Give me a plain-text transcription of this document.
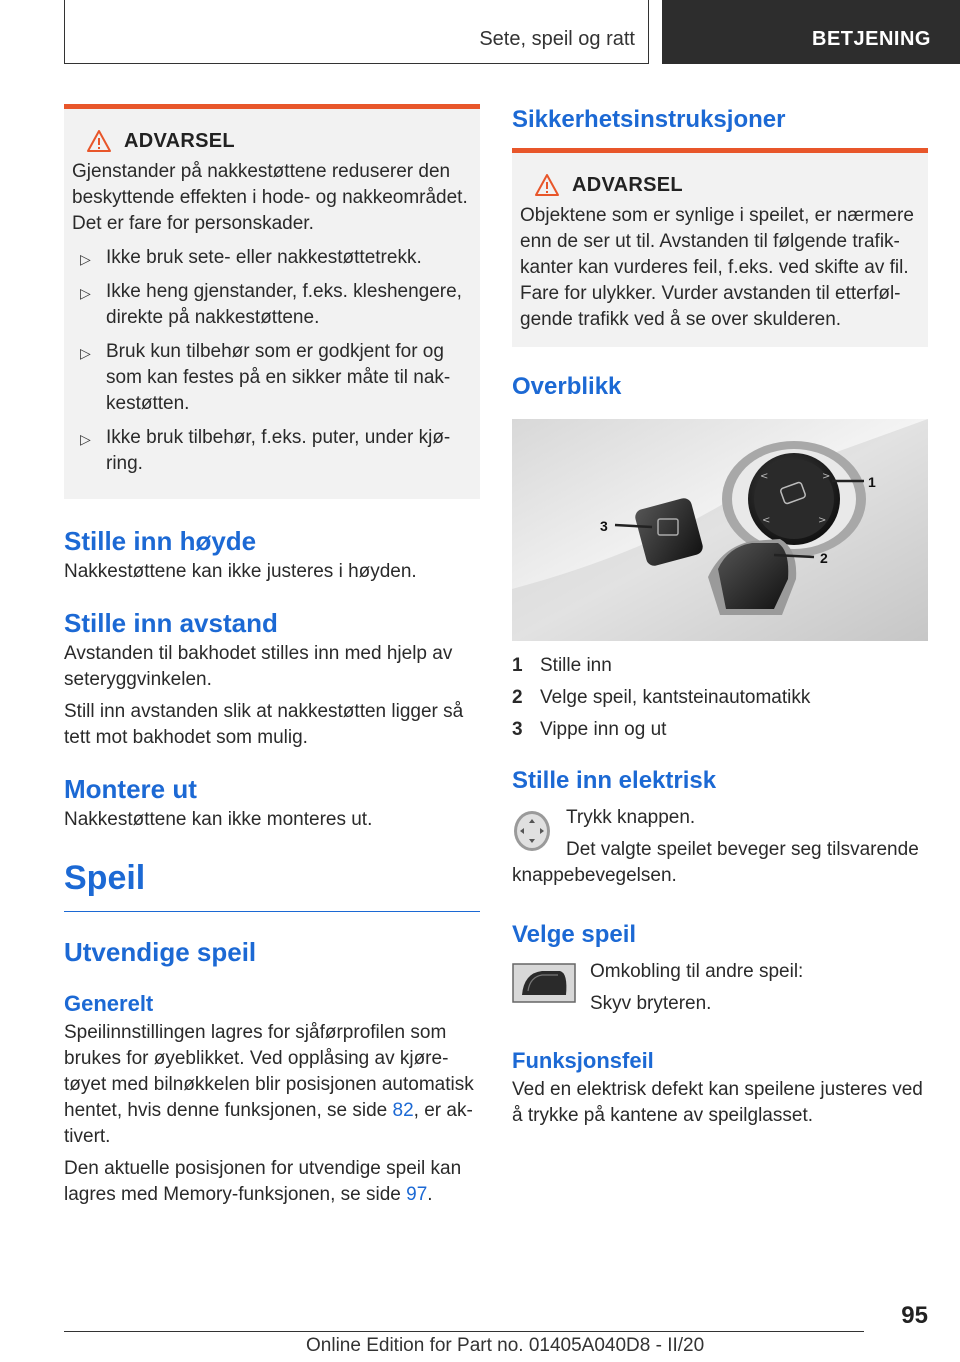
Sete, speil og ratt	BETJENING
ADVARSEL
Gjenstander på nakkestøttene reduserer den beskyttende effekten i hode- og nakkeområdet. Det er fare for personskader.
▷ Ikke bruk sete- eller nakkestøttetrekk.
▷ Ikke heng gjenstander, f.eks. kleshengere, direkte på nakkestøttene.
▷ Bruk kun tilbehør som er godkjent for og som kan festes på en sikker måte til nak-kestøtten.
▷ Ikke bruk tilbehør, f.eks. puter, under kjø-ring.
Stille inn høyde
Nakkestøttene kan ikke justeres i høyden.
Stille inn avstand
Avstanden til bakhodet stilles inn med hjelp av seteryggvinkelen.
Still inn avstanden slik at nakkestøtten ligger så tett mot bakhodet som mulig.
Montere ut
Nakkestøttene kan ikke monteres ut.
Speil
Utvendige speil
Generelt
Speilinnstillingen lagres for sjåførprofilen som brukes for øyeblikket. Ved opplåsing av kjøre-tøyet med bilnøkkelen blir posisjonen automatisk hentet, hvis denne funksjonen, se side 82, er ak-tivert.
Den aktuelle posisjonen for utvendige speil kan lagres med Memory-funksjonen, se side 97.
Sikkerhetsinstruksjoner
ADVARSEL
Objektene som er synlige i speilet, er nærmere enn de ser ut til. Avstanden til følgende trafik-kanter kan vurderes feil, f.eks. ved skifte av fil. Fare for ulykker. Vurder avstanden til etterføl-gende trafikk ved å se over skulderen.
Overblikk
<	>
<	>
1
2
3
1 Stille inn
2 Velge speil, kantsteinautomatikk
3 Vippe inn og ut
Stille inn elektrisk
Trykk knappen.
Det valgte speilet beveger seg tilsvarende knappebevegelsen.
Velge speil
Omkobling til andre speil:
Skyv bryteren.
Funksjonsfeil
Ved en elektrisk defekt kan speilene justeres ved å trykke på kantene av speilglasset.
95
Online Edition for Part no. 01405A040D8 - II/20
